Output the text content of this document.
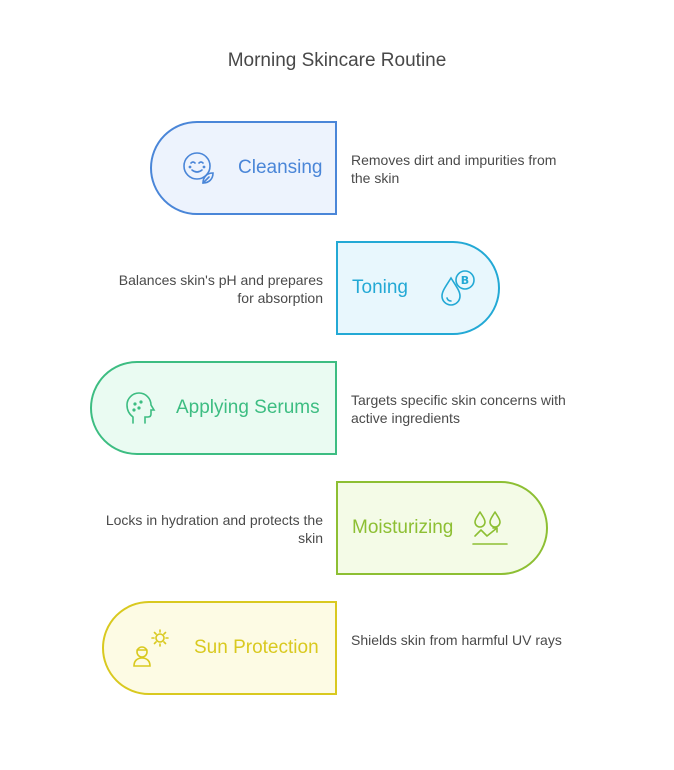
Morning Skincare Routine
Cleansing Removes dirt and impurities from the skin
Toning	B
Balances skin's pH and prepares for absorption
Applying Serums Targets specific skin concerns with active ingredients
Moisturizing
Locks in hydration and protects the skin
Sun Protection Shields skin from harmful UV rays
